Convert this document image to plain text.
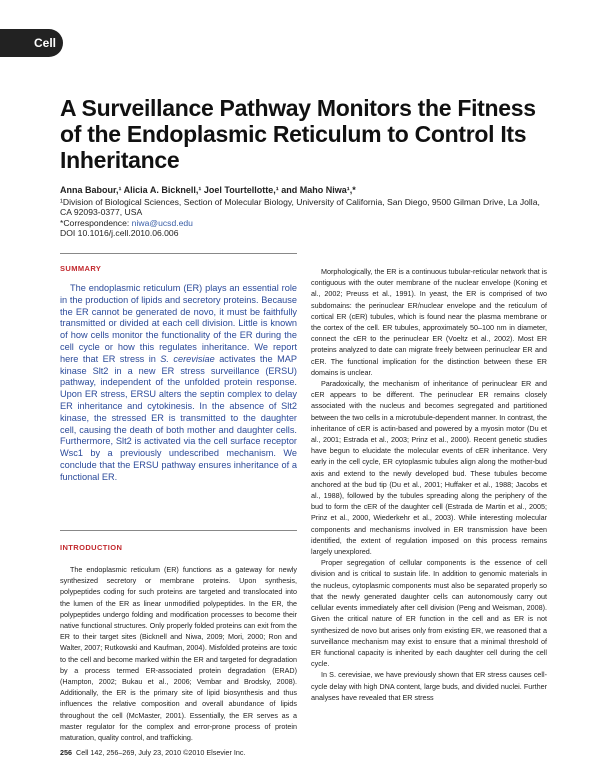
Cell
A Surveillance Pathway Monitors the Fitness of the Endoplasmic Reticulum to Control Its Inheritance
Anna Babour,¹ Alicia A. Bicknell,¹ Joel Tourtellotte,¹ and Maho Niwa¹,*
¹Division of Biological Sciences, Section of Molecular Biology, University of California, San Diego, 9500 Gilman Drive, La Jolla,
CA 92093-0377, USA
*Correspondence: niwa@ucsd.edu
DOI 10.1016/j.cell.2010.06.006
SUMMARY

The endoplasmic reticulum (ER) plays an essential role in the production of lipids and secretory proteins. Because the ER cannot be generated de novo, it must be faithfully transmitted or divided at each cell division. Little is known of how cells monitor the functionality of the ER during the cell cycle or how this regulates inheritance. We report here that ER stress in S. cerevisiae activates the MAP kinase Slt2 in a new ER stress surveillance (ERSU) pathway, independent of the unfolded protein response. Upon ER stress, ERSU alters the septin complex to delay ER inheritance and cytokinesis. In the absence of Slt2 kinase, the stressed ER is transmitted to the daughter cell, causing the death of both mother and daughter cells. Furthermore, Slt2 is activated via the cell surface receptor Wsc1 by a previously undescribed mechanism. We conclude that the ERSU pathway ensures inheritance of a functional ER.

INTRODUCTION

The endoplasmic reticulum (ER) functions as a gateway for newly synthesized secretory or membrane proteins. Upon synthesis, polypeptides coding for such proteins are targeted and translocated into the lumen of the ER as linear unmodified polypeptides. In the ER, the polypeptides undergo folding and modification processes to become their native functional structures. Only properly folded proteins can exit from the ER to their target sites (Bicknell and Niwa, 2009; Mori, 2000; Ron and Walter, 2007; Rutkowski and Kaufman, 2004). Misfolded proteins are toxic to the cell and become marked within the ER and targeted for degradation by a process termed ER-associated protein degradation (ERAD) (Hampton, 2002; Bukau et al., 2006; Vembar and Brodsky, 2008). Additionally, the ER is the primary site of lipid biosynthesis and thus influences the relative composition and overall abundance of lipids throughout the cell (McMaster, 2001). Essentially, the ER serves as a master regulator for the complex and error-prone process of protein maturation, quality control, and trafficking.

Morphologically, the ER is a continuous tubular-reticular network that is contiguous with the outer membrane of the nuclear envelope (Koning et al., 2002; Preuss et al., 1991). In yeast, the ER is comprised of two subdomains: the perinuclear ER/nuclear envelope and the reticulum of cortical ER (cER) tubules, which is found near the plasma membrane or the cortex of the cell. ER tubules, approximately 50–100 nm in diameter, connect the cER to the perinuclear ER (Voeltz et al., 2002). Most ER proteins analyzed to date can migrate freely between perinuclear ER and cER. The functional implication for the distinction between these ER domains is unclear.

Paradoxically, the mechanism of inheritance of perinuclear ER and cER appears to be different. The perinuclear ER remains closely associated with the nucleus and becomes segregated and partitioned between the two cells in a microtubule-dependent manner. In contrast, the inheritance of cER is actin-based and powered by a myosin motor (Du et al., 2001; Estrada et al., 2003; Prinz et al., 2000). Recent genetic studies have begun to elucidate the molecular events of cER inheritance. Very early in the cell cycle, ER cytoplasmic tubules align along the mother-bud axis and extend to the newly developed bud. These tubules become anchored at the bud tip (Du et al., 2001; Huffaker et al., 1988; Jacobs et al., 1988), followed by the tubules spreading along the periphery of the bud to form the cER of the daughter cell (Estrada de Martin et al., 2005; Prinz et al., 2000, Wiederkehr et al., 2003). While interesting molecular components and mechanisms involved in ER transmission have been identified, the extent of regulation imposed on this process remains largely unexplored.

Proper segregation of cellular components is the essence of cell division and is critical to sustain life. In addition to genomic materials in the nucleus, cytoplasmic components must also be separated properly so that the newly generated daughter cells can autonomously carry out cellular events immediately after cell division (Peng and Weisman, 2008). Given the critical nature of ER function in the cell and as ER is not synthesized de novo but arises only from existing ER, we reasoned that a surveillance mechanism may exist to ensure that a minimal threshold of ER functional capacity is inherited by each daughter cell during the cell cycle.

In S. cerevisiae, we have previously shown that ER stress causes cell-cycle delay with high DNA content, large buds, and divided nuclei. Further analyses have revealed that ER stress

256 Cell 142, 256–269, July 23, 2010 ©2010 Elsevier Inc.
